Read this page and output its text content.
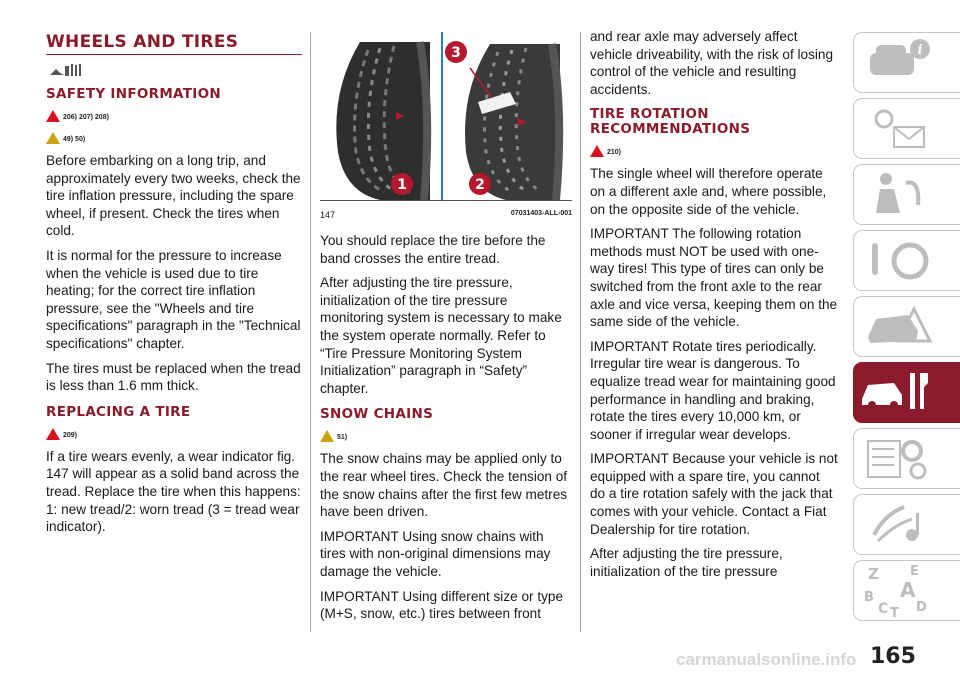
WHEELS AND TIRES
SAFETY INFORMATION
206) 207) 208)
49) 50)

Before embarking on a long trip, and approximately every two weeks, check the tire inflation pressure, including the spare wheel, if present. Check the tires when cold.

It is normal for the pressure to increase when the vehicle is used due to tire heating; for the correct tire inflation pressure, see the "Wheels and tire specifications" paragraph in the "Technical specifications" chapter.

The tires must be replaced when the tread is less than 1.6 mm thick.

REPLACING A TIRE
209)

If a tire wears evenly, a wear indicator fig. 147 will appear as a solid band across the tread. Replace the tire when this happens: 1: new tread/2: worn tread (3 = tread wear indicator).

3
1	2
147	07031403-ALL-001

You should replace the tire before the band crosses the entire tread.

After adjusting the tire pressure, initialization of the tire pressure monitoring system is necessary to make the system operate normally. Refer to “Tire Pressure Monitoring System Initialization” paragraph in “Safety” chapter.

SNOW CHAINS
51)

The snow chains may be applied only to the rear wheel tires. Check the tension of the snow chains after the first few metres have been driven.

IMPORTANT Using snow chains with tires with non-original dimensions may damage the vehicle.

IMPORTANT Using different size or type (M+S, snow, etc.) tires between front

and rear axle may adversely affect vehicle driveability, with the risk of losing control of the vehicle and resulting accidents.

TIRE ROTATION
RECOMMENDATIONS
210)

The single wheel will therefore operate on a different axle and, where possible, on the opposite side of the vehicle.

IMPORTANT The following rotation methods must NOT be used with one-way tires! This type of tires can only be switched from the front axle to the rear axle and vice versa, keeping them on the same side of the vehicle.

IMPORTANT Rotate tires periodically. Irregular tire wear is dangerous. To equalize tread wear for maintaining good performance in handling and braking, rotate the tires every 10,000 km, or sooner if irregular wear develops.

IMPORTANT Because your vehicle is not equipped with a spare tire, you cannot do a tire rotation safely with the jack that comes with your vehicle. Contact a Fiat Dealership for tire rotation.

After adjusting the tire pressure, initialization of the tire pressure

i
Z E
A
B
C D
T
carmanualsonline.info 165
